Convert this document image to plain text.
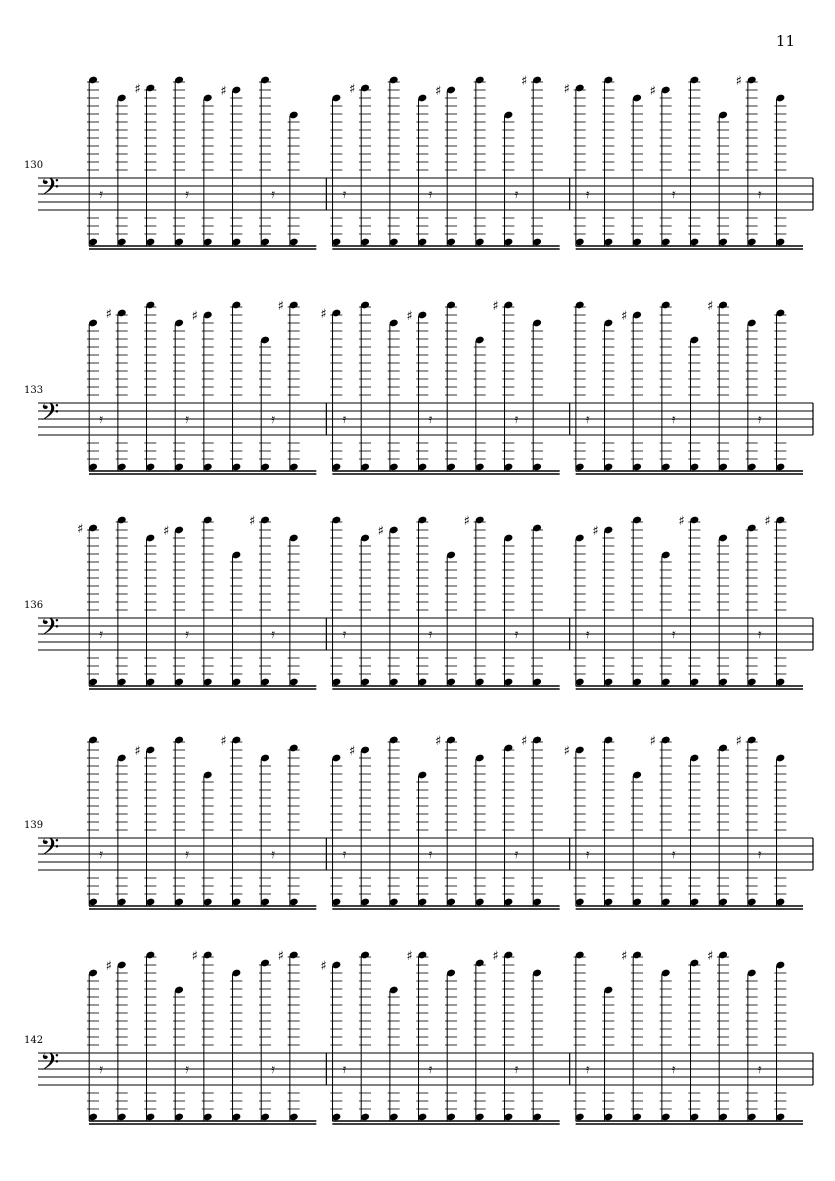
11
130
𝄢	𝄿
♯
𝄿
♯
𝄿	𝄿
♯
𝄿
♯
𝄿
♯
♯
𝄿
♯
𝄿
♯
𝄿
133
𝄢	𝄿
♯
𝄿
♯
𝄿
♯
♯
𝄿
♯
𝄿
♯
𝄿	𝄿
♯
𝄿
♯
𝄿
136
𝄢
♯
𝄿
♯
𝄿
♯
𝄿	𝄿
♯
𝄿
♯
𝄿	𝄿
♯
𝄿
♯
𝄿
♯
139
𝄢	𝄿
♯
𝄿
♯
𝄿	𝄿
♯
𝄿
♯
𝄿
♯
♯
𝄿
♯
𝄿
♯
𝄿
142
𝄢	𝄿
♯
𝄿
♯
𝄿
♯
♯
𝄿
♯
𝄿
♯
𝄿	𝄿
♯
𝄿
♯
𝄿
